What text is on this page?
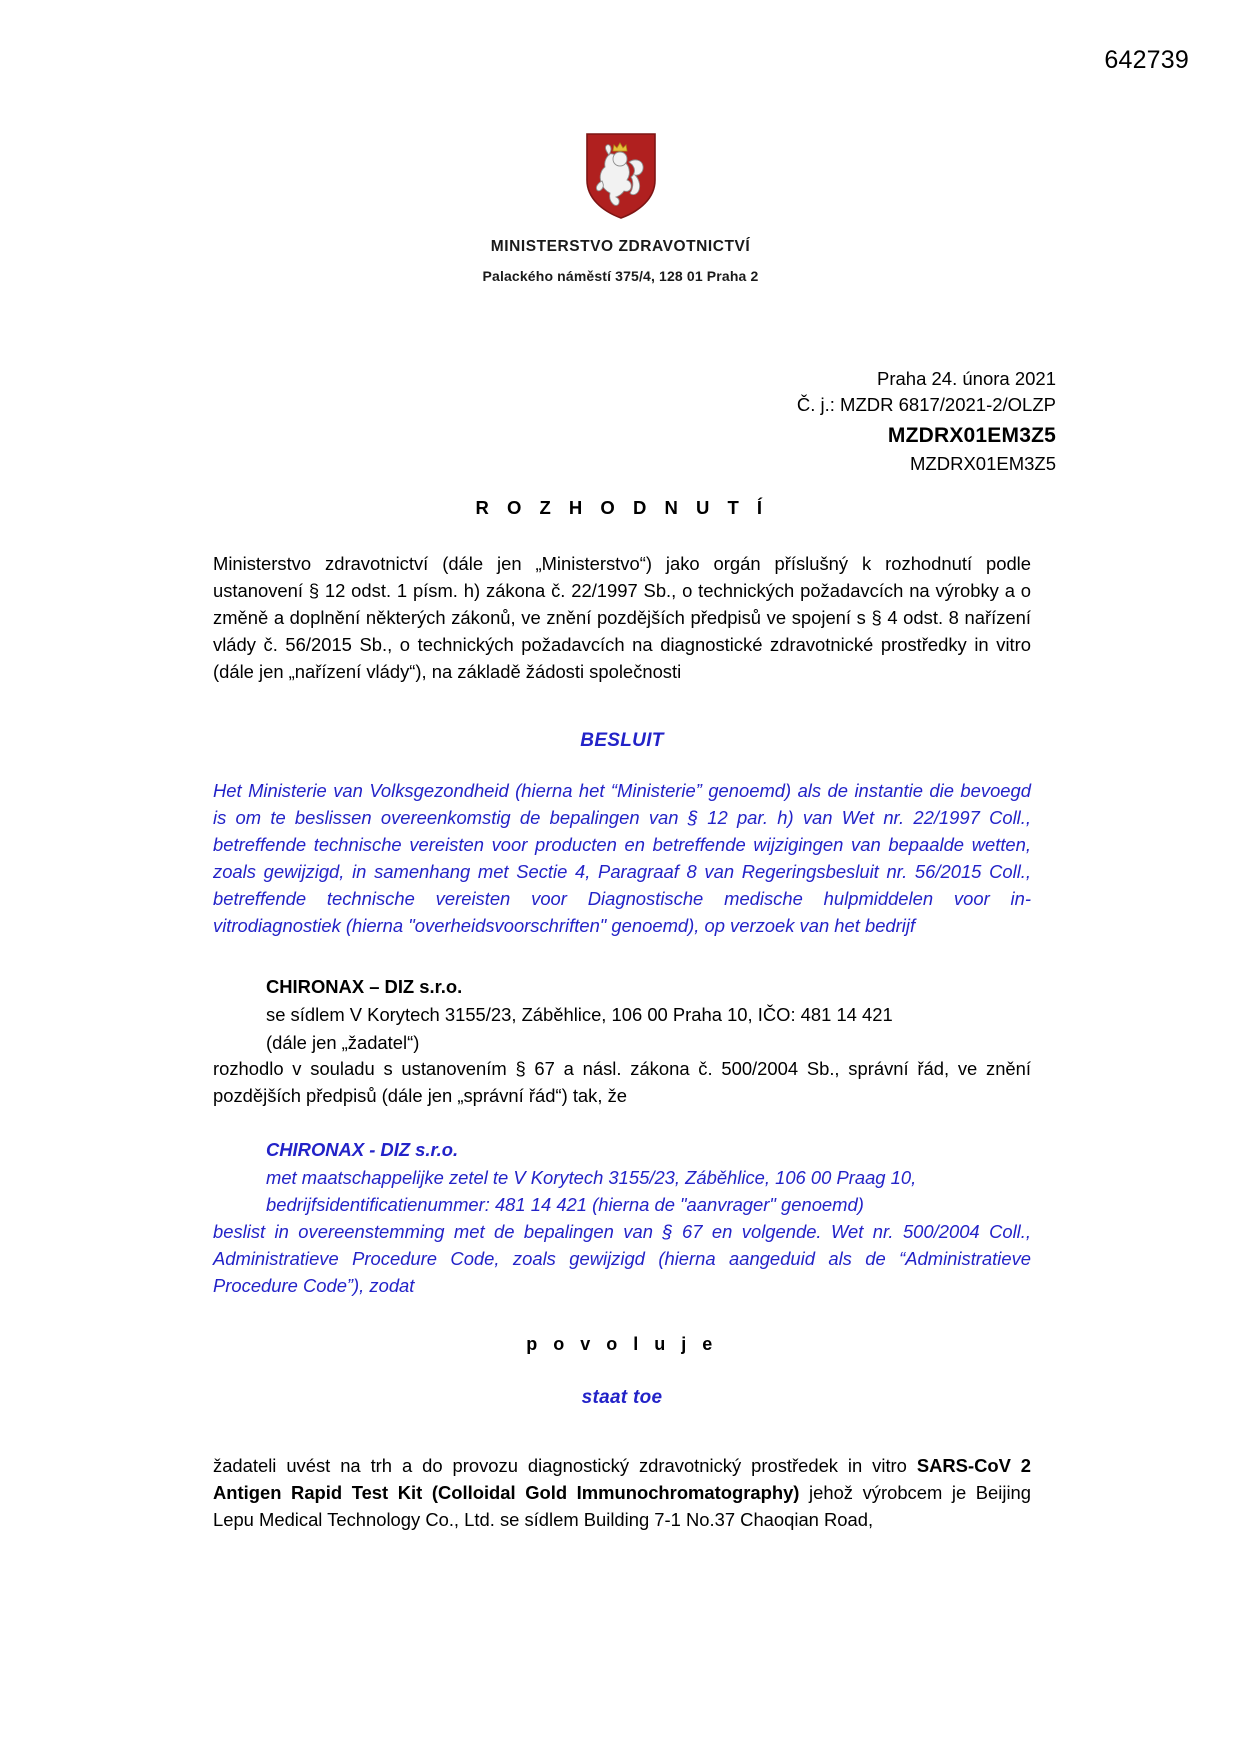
642739
MINISTERSTVO ZDRAVOTNICTVÍ
Palackého náměstí 375/4, 128 01 Praha 2
Praha 24. února 2021
Č. j.: MZDR 6817/2021-2/OLZP
MZDRX01EM3Z5
MZDRX01EM3Z5
R O Z H O D N U T Í

Ministerstvo zdravotnictví (dále jen „Ministerstvo“) jako orgán příslušný k rozhodnutí podle ustanovení § 12 odst. 1 písm. h) zákona č. 22/1997 Sb., o technických požadavcích na výrobky a o změně a doplnění některých zákonů, ve znění pozdějších předpisů ve spojení s § 4 odst. 8 nařízení vlády č. 56/2015 Sb., o technických požadavcích na diagnostické zdravotnické prostředky in vitro (dále jen „nařízení vlády“), na základě žádosti společnosti

BESLUIT

Het Ministerie van Volksgezondheid (hierna het “Ministerie” genoemd) als de instantie die bevoegd is om te beslissen overeenkomstig de bepalingen van § 12 par. h) van Wet nr. 22/1997 Coll., betreffende technische vereisten voor producten en betreffende wijzigingen van bepaalde wetten, zoals gewijzigd, in samenhang met Sectie 4, Paragraaf 8 van Regeringsbesluit nr. 56/2015 Coll., betreffende technische vereisten voor Diagnostische medische hulpmiddelen voor in-vitrodiagnostiek (hierna "overheidsvoorschriften" genoemd), op verzoek van het bedrijf

CHIRONAX – DIZ s.r.o.
se sídlem V Korytech 3155/23, Záběhlice, 106 00 Praha 10, IČO: 481 14 421
(dále jen „žadatel“)

rozhodlo v souladu s ustanovením § 67 a násl. zákona č. 500/2004 Sb., správní řád, ve znění pozdějších předpisů (dále jen „správní řád“) tak, že

CHIRONAX - DIZ s.r.o.
met maatschappelijke zetel te V Korytech 3155/23, Záběhlice, 106 00 Praag 10,
bedrijfsidentificatienummer: 481 14 421 (hierna de "aanvrager" genoemd)

beslist in overeenstemming met de bepalingen van § 67 en volgende. Wet nr. 500/2004 Coll., Administratieve Procedure Code, zoals gewijzigd (hierna aangeduid als de “Administratieve Procedure Code”), zodat

p o v o l u j e
staat toe

žadateli uvést na trh a do provozu diagnostický zdravotnický prostředek in vitro SARS-CoV 2 Antigen Rapid Test Kit (Colloidal Gold Immunochromatography) jehož výrobcem je Beijing Lepu Medical Technology Co., Ltd. se sídlem Building 7-1 No.37 Chaoqian Road,
